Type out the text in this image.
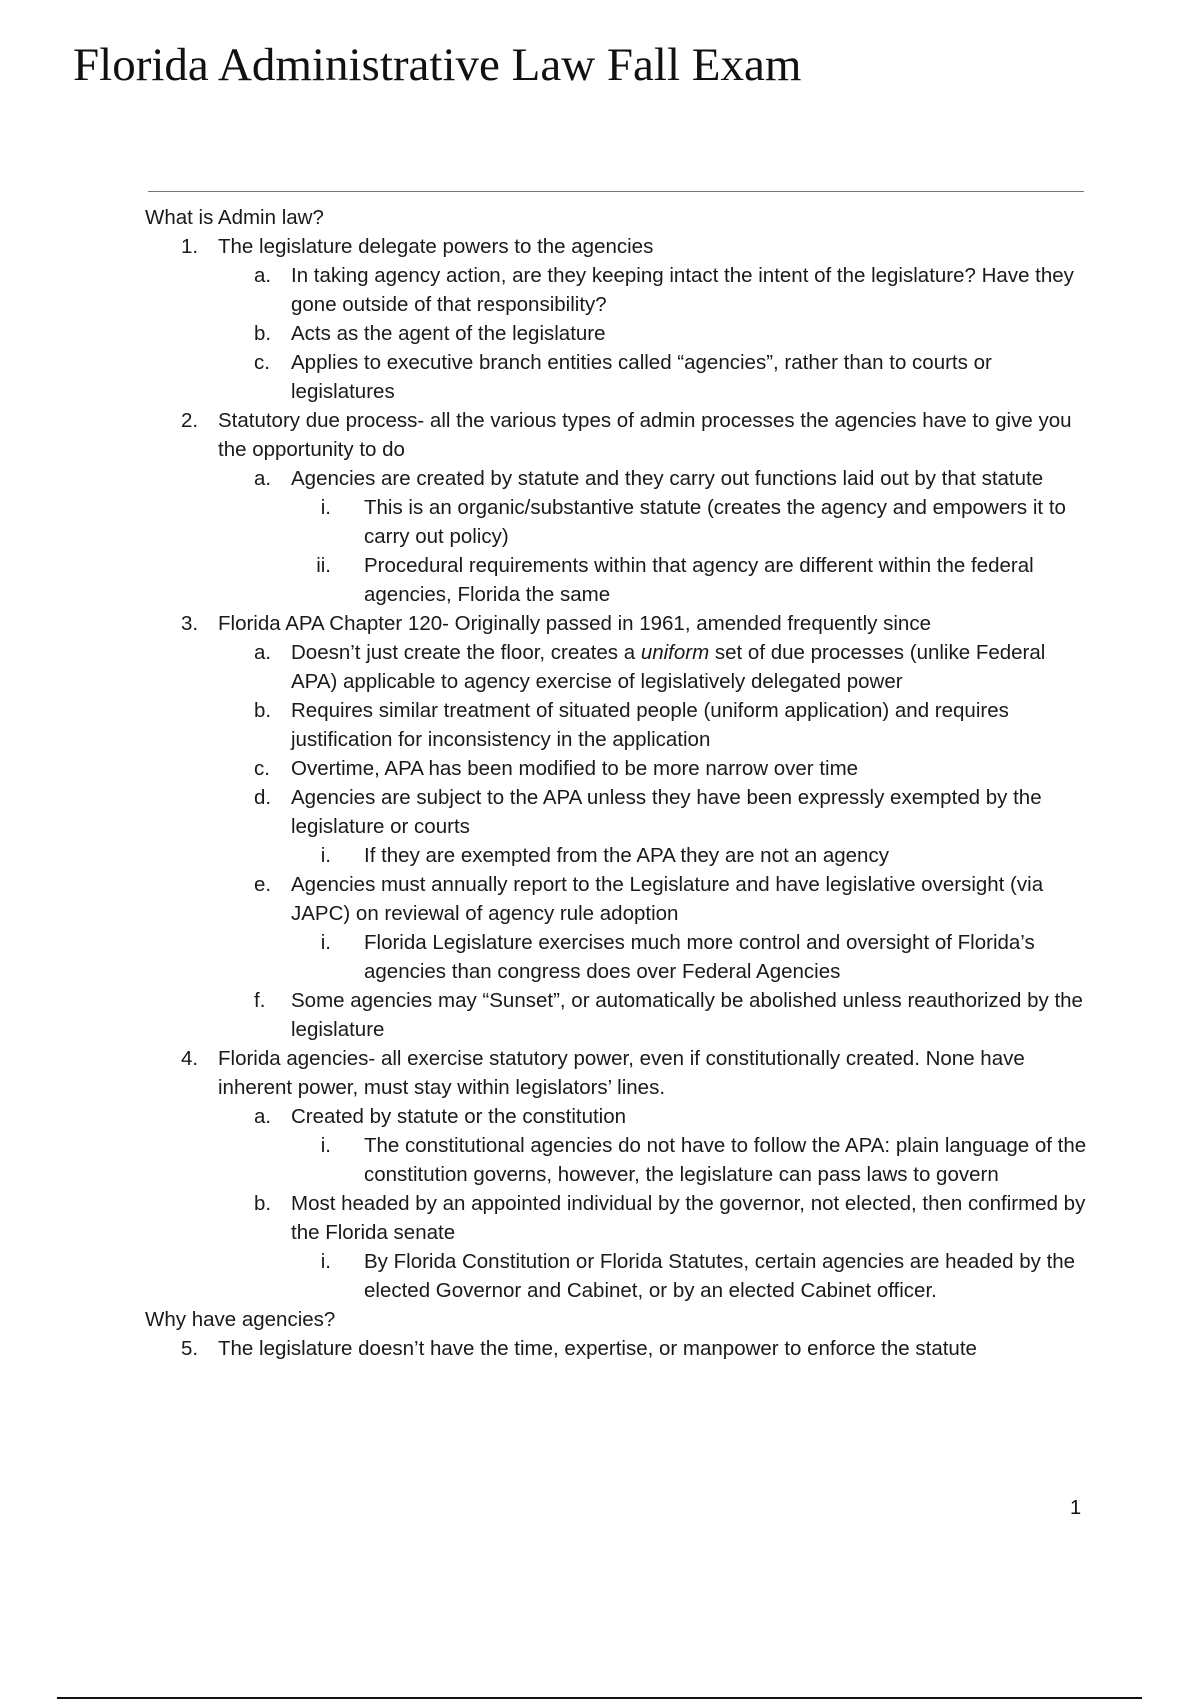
Florida Administrative Law Fall Exam

What is Admin law?

1. The legislature delegate powers to the agencies
a. In taking agency action, are they keeping intact the intent of the legislature? Have they gone outside of that responsibility?
b. Acts as the agent of the legislature
c. Applies to executive branch entities called “agencies”, rather than to courts or legislatures
2. Statutory due process- all the various types of admin processes the agencies have to give you the opportunity to do
a. Agencies are created by statute and they carry out functions laid out by that statute
i. This is an organic/substantive statute (creates the agency and empowers it to carry out policy)
ii. Procedural requirements within that agency are different within the federal agencies, Florida the same
3. Florida APA Chapter 120- Originally passed in 1961, amended frequently since
a. Doesn’t just create the floor, creates a uniform set of due processes (unlike Federal APA) applicable to agency exercise of legislatively delegated power
b. Requires similar treatment of situated people (uniform application) and requires justification for inconsistency in the application
c. Overtime, APA has been modified to be more narrow over time
d. Agencies are subject to the APA unless they have been expressly exempted by the legislature or courts
i. If they are exempted from the APA they are not an agency
e. Agencies must annually report to the Legislature and have legislative oversight (via JAPC) on reviewal of agency rule adoption
i. Florida Legislature exercises much more control and oversight of Florida’s agencies than congress does over Federal Agencies
f. Some agencies may “Sunset”, or automatically be abolished unless reauthorized by the legislature
4. Florida agencies- all exercise statutory power, even if constitutionally created. None have inherent power, must stay within legislators’ lines.
a. Created by statute or the constitution
i. The constitutional agencies do not have to follow the APA: plain language of the constitution governs, however, the legislature can pass laws to govern
b. Most headed by an appointed individual by the governor, not elected, then confirmed by the Florida senate
i. By Florida Constitution or Florida Statutes, certain agencies are headed by the elected Governor and Cabinet, or by an elected Cabinet officer.

Why have agencies?

5. The legislature doesn’t have the time, expertise, or manpower to enforce the statute
1
